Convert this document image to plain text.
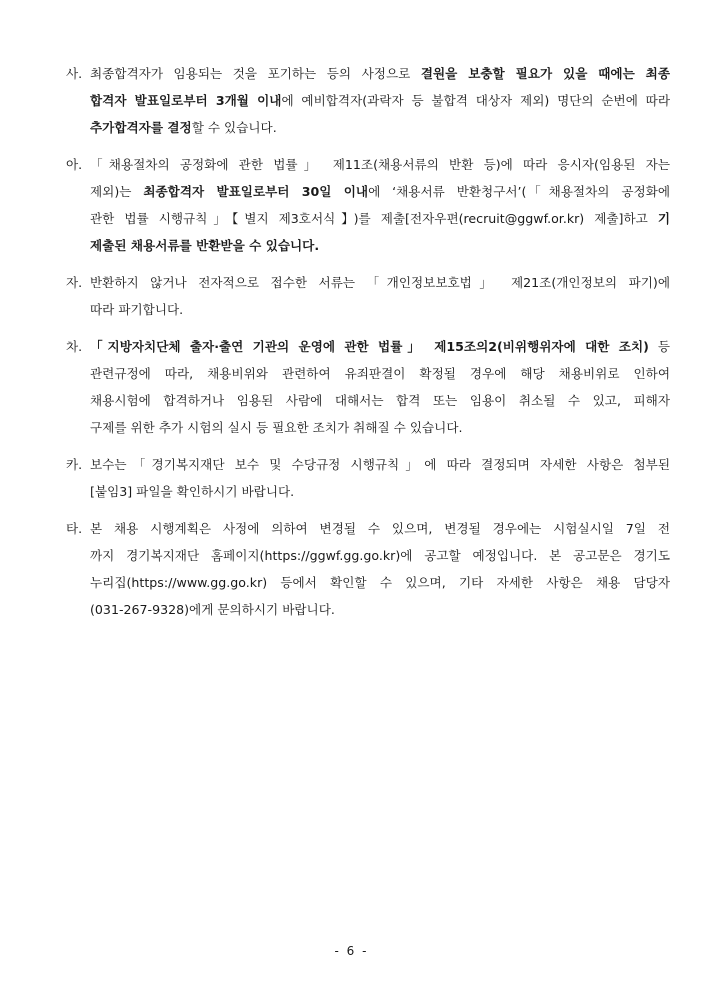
사. 최종합격자가 임용되는 것을 포기하는 등의 사정으로 결원을 보충할 필요가 있을 때에는 최종
합격자 발표일로부터 3개월 이내에 예비합격자(과락자 등 불합격 대상자 제외) 명단의 순번에 따라
추가합격자를 결정할 수 있습니다.
아. 「채용절차의 공정화에 관한 법률」 제11조(채용서류의 반환 등)에 따라 응시자(임용된 자는
제외)는 최종합격자 발표일로부터 30일 이내에 ‘채용서류 반환청구서’(「채용절차의 공정화에
관한 법률 시행규칙」【별지 제3호서식】)를 제출[전자우편(recruit@ggwf.or.kr) 제출]하고 기
제출된 채용서류를 반환받을 수 있습니다.
자. 반환하지 않거나 전자적으로 접수한 서류는 「개인정보보호법」 제21조(개인정보의 파기)에
따라 파기합니다.
차. 「지방자치단체 출자·출연 기관의 운영에 관한 법률」 제15조의2(비위행위자에 대한 조치) 등
관련규정에 따라, 채용비위와 관련하여 유죄판결이 확정될 경우에 해당 채용비위로 인하여
채용시험에 합격하거나 임용된 사람에 대해서는 합격 또는 임용이 취소될 수 있고, 피해자
구제를 위한 추가 시험의 실시 등 필요한 조치가 취해질 수 있습니다.
카. 보수는「경기복지재단 보수 및 수당규정 시행규칙」에 따라 결정되며 자세한 사항은 첨부된
[붙임3] 파일을 확인하시기 바랍니다.
타. 본 채용 시행계획은 사정에 의하여 변경될 수 있으며, 변경될 경우에는 시험실시일 7일 전
까지 경기복지재단 홈페이지(https://ggwf.gg.go.kr)에 공고할 예정입니다. 본 공고문은 경기도
누리집(https://www.gg.go.kr) 등에서 확인할 수 있으며, 기타 자세한 사항은 채용 담당자
(031-267-9328)에게 문의하시기 바랍니다.
- 6 -
